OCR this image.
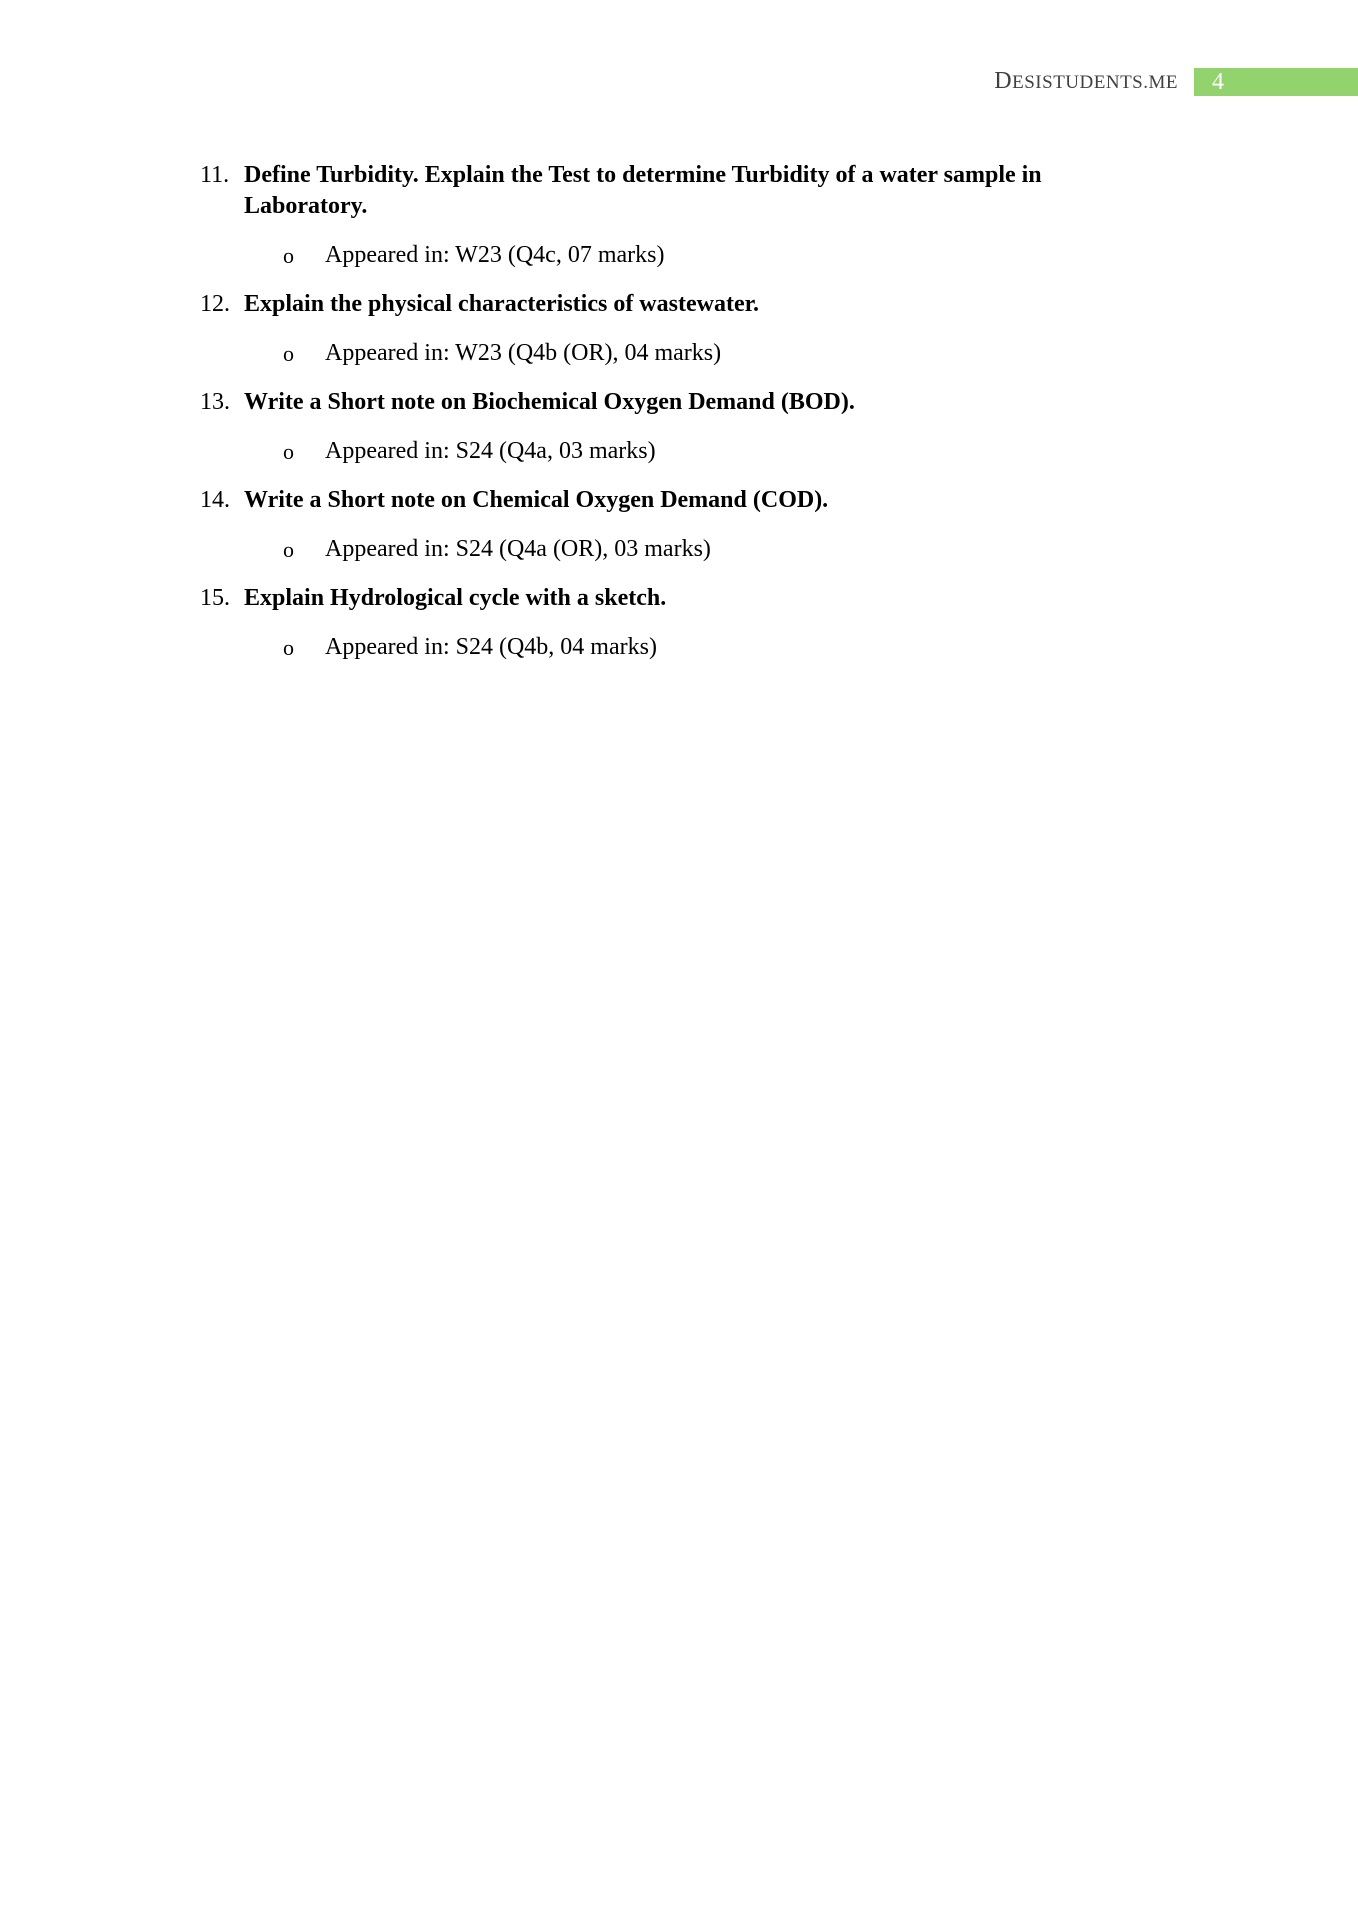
DESISTUDENTS.ME	4
11. Define Turbidity. Explain the Test to determine Turbidity of a water sample in Laboratory.
o Appeared in: W23 (Q4c, 07 marks)
12. Explain the physical characteristics of wastewater.
o Appeared in: W23 (Q4b (OR), 04 marks)
13. Write a Short note on Biochemical Oxygen Demand (BOD).
o Appeared in: S24 (Q4a, 03 marks)
14. Write a Short note on Chemical Oxygen Demand (COD).
o Appeared in: S24 (Q4a (OR), 03 marks)
15. Explain Hydrological cycle with a sketch.
o Appeared in: S24 (Q4b, 04 marks)
